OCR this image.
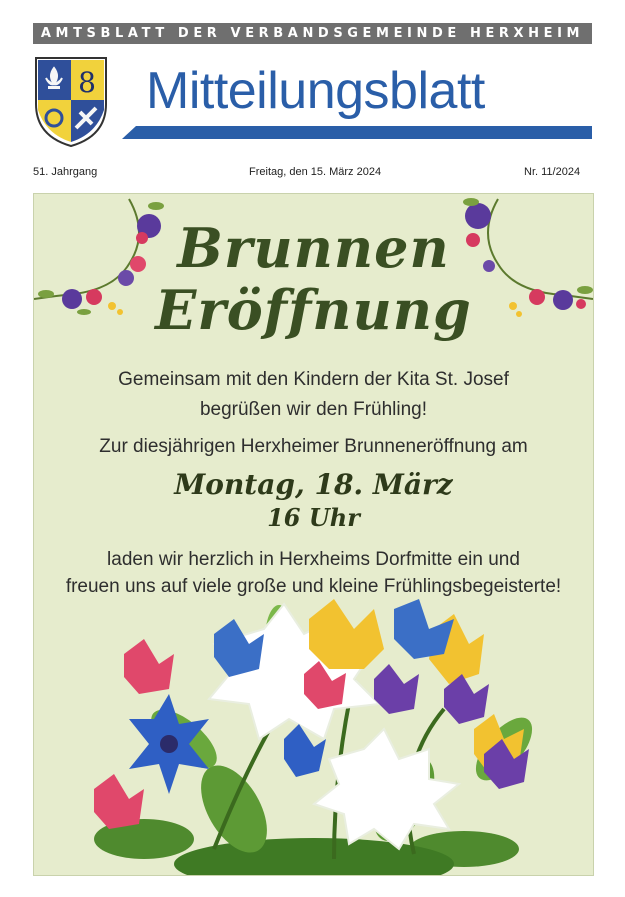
AMTSBLATT DER VERBANDSGEMEINDE HERXHEIM
8 Mitteilungsblatt
51. Jahrgang	Freitag, den 15. März 2024	Nr. 11/2024
Brunnen
Eröffnung
Gemeinsam mit den Kindern der Kita St. Josef
begrüßen wir den Frühling!
Zur diesjährigen Herxheimer Brunneneröffnung am
Montag, 18. März
16 Uhr
laden wir herzlich in Herxheims Dorfmitte ein und
freuen uns auf viele große und kleine Frühlingsbegeisterte!
